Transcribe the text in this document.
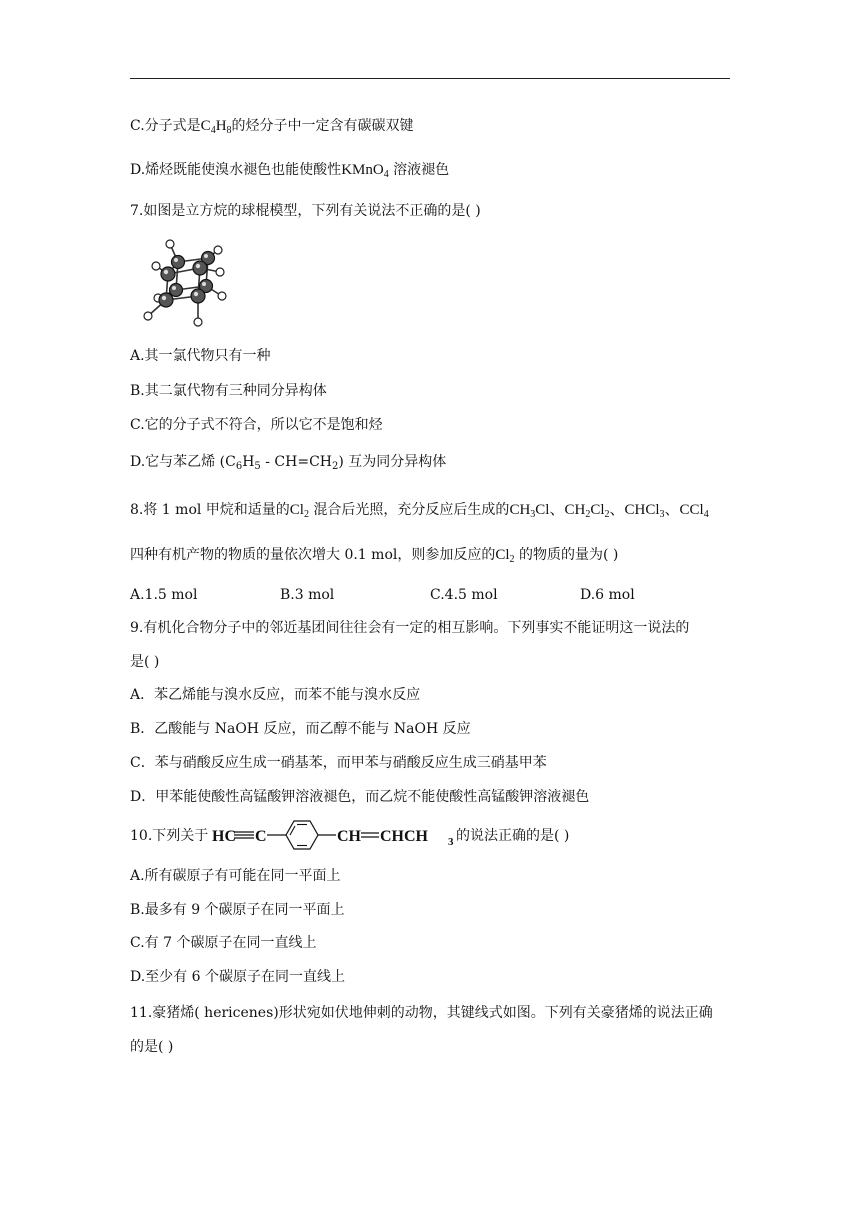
C.分子式是$C_4H_8$的烃分子中一定含有碳碳双键
D.烯烃既能使溴水褪色也能使酸性KMnO$_4$ 溶液褪色
7.如图是立方烷的球棍模型，下列有关说法不正确的是( )
A.其一氯代物只有一种
B.其二氯代物有三种同分异构体
C.它的分子式不符合，所以它不是饱和烃
D.它与苯乙烯 $(C_6H_5 - CH=CH_2)$ 互为同分异构体
8.将 1 mol 甲烷和适量的$Cl_2$ 混合后光照，充分反应后生成的$CH_3Cl$、$CH_2Cl_2$、CHCl$_3$、CCl$_4$
四种有机产物的物质的量依次增大 0.1 mol，则参加反应的$Cl_2$ 的物质的量为( )
A.1.5 mol	B.3 mol	C.4.5 mol	D.6 mol
9.有机化合物分子中的邻近基团间往往会有一定的相互影响。下列事实不能证明这一说法的
是( )
A．苯乙烯能与溴水反应，而苯不能与溴水反应
B．乙酸能与 NaOH 反应，而乙醇不能与 NaOH 反应
C．苯与硝酸反应生成一硝基苯，而甲苯与硝酸反应生成三硝基甲苯
D．甲苯能使酸性高锰酸钾溶液褪色，而乙烷不能使酸性高锰酸钾溶液褪色
10.下列关于 HC C	CH CHCH 3 的说法正确的是( )
A.所有碳原子有可能在同一平面上
B.最多有 9 个碳原子在同一平面上
C.有 7 个碳原子在同一直线上
D.至少有 6 个碳原子在同一直线上
11.豪猪烯( hericenes)形状宛如伏地伸刺的动物，其键线式如图。下列有关豪猪烯的说法正确
的是( )
